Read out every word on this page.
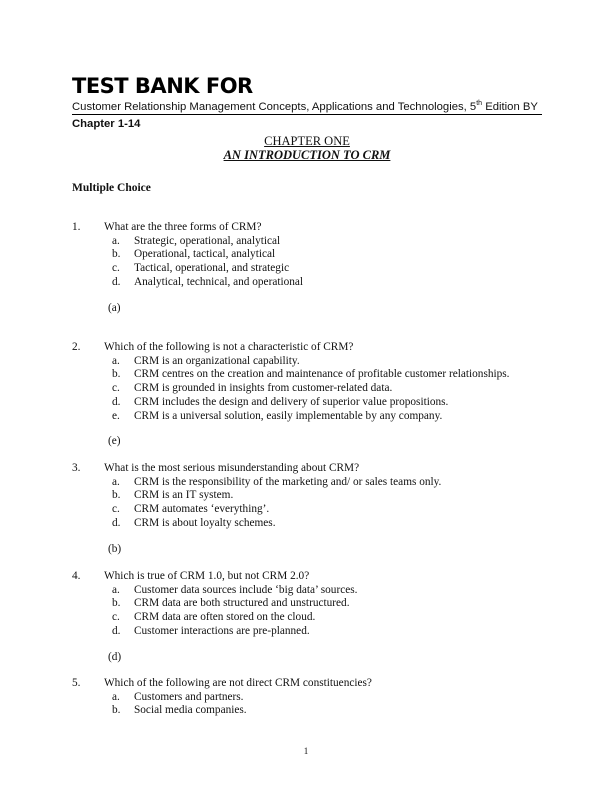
TEST BANK FOR
Customer Relationship Management Concepts, Applications and Technologies, 5th Edition BY
Chapter 1-14
CHAPTER ONE
AN INTRODUCTION TO CRM
Multiple Choice
1.	What are the three forms of CRM?
a.	Strategic, operational, analytical
b.	Operational, tactical, analytical
c.	Tactical, operational, and strategic
d.	Analytical, technical, and operational
(a)
2.	Which of the following is not a characteristic of CRM?
a.	CRM is an organizational capability.
b.	CRM centres on the creation and maintenance of profitable customer relationships.
c.	CRM is grounded in insights from customer-related data.
d.	CRM includes the design and delivery of superior value propositions.
e.	CRM is a universal solution, easily implementable by any company.
(e)
3.	What is the most serious misunderstanding about CRM?
a.	CRM is the responsibility of the marketing and/ or sales teams only.
b.	CRM is an IT system.
c.	CRM automates ‘everything’.
d.	CRM is about loyalty schemes.
(b)
4.	Which is true of CRM 1.0, but not CRM 2.0?
a.	Customer data sources include ‘big data’ sources.
b.	CRM data are both structured and unstructured.
c.	CRM data are often stored on the cloud.
d.	Customer interactions are pre-planned.
(d)
5.	Which of the following are not direct CRM constituencies?
a.	Customers and partners.
b.	Social media companies.
1
